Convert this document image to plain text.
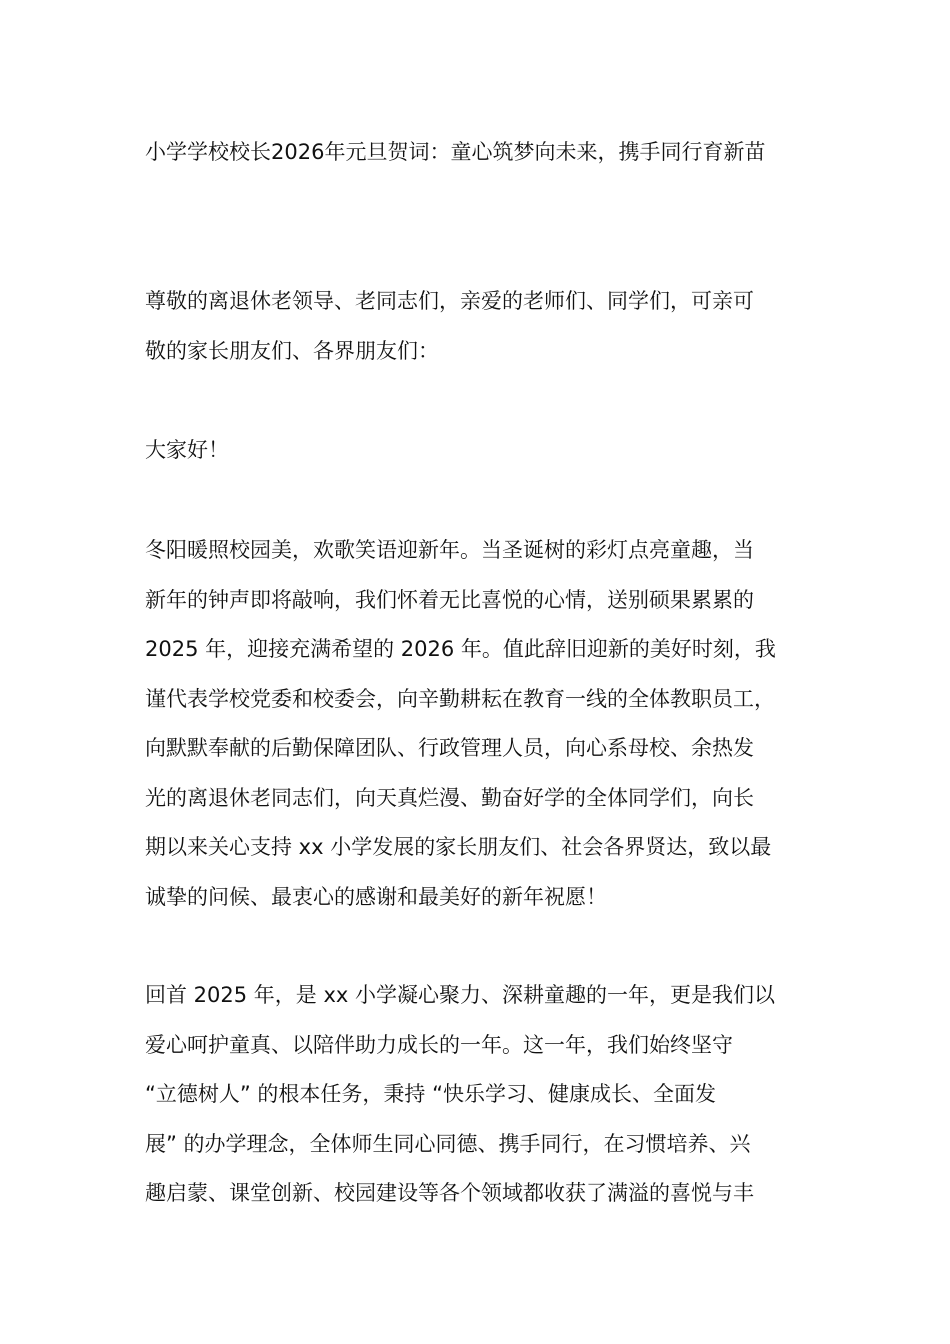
小学学校校长2026年元旦贺词：童心筑梦向未来，携手同行育新苗
尊敬的离退休老领导、老同志们，亲爱的老师们、同学们，可亲可
敬的家长朋友们、各界朋友们：
大家好！
冬阳暖照校园美，欢歌笑语迎新年。当圣诞树的彩灯点亮童趣，当
新年的钟声即将敲响，我们怀着无比喜悦的心情，送别硕果累累的
2025 年，迎接充满希望的 2026 年。值此辞旧迎新的美好时刻，我
谨代表学校党委和校委会，向辛勤耕耘在教育一线的全体教职员工，
向默默奉献的后勤保障团队、行政管理人员，向心系母校、余热发
光的离退休老同志们，向天真烂漫、勤奋好学的全体同学们，向长
期以来关心支持 xx 小学发展的家长朋友们、社会各界贤达，致以最
诚挚的问候、最衷心的感谢和最美好的新年祝愿！
回首 2025 年，是 xx 小学凝心聚力、深耕童趣的一年，更是我们以
爱心呵护童真、以陪伴助力成长的一年。这一年，我们始终坚守
“立德树人” 的根本任务，秉持 “快乐学习、健康成长、全面发
展” 的办学理念，全体师生同心同德、携手同行，在习惯培养、兴
趣启蒙、课堂创新、校园建设等各个领域都收获了满溢的喜悦与丰
